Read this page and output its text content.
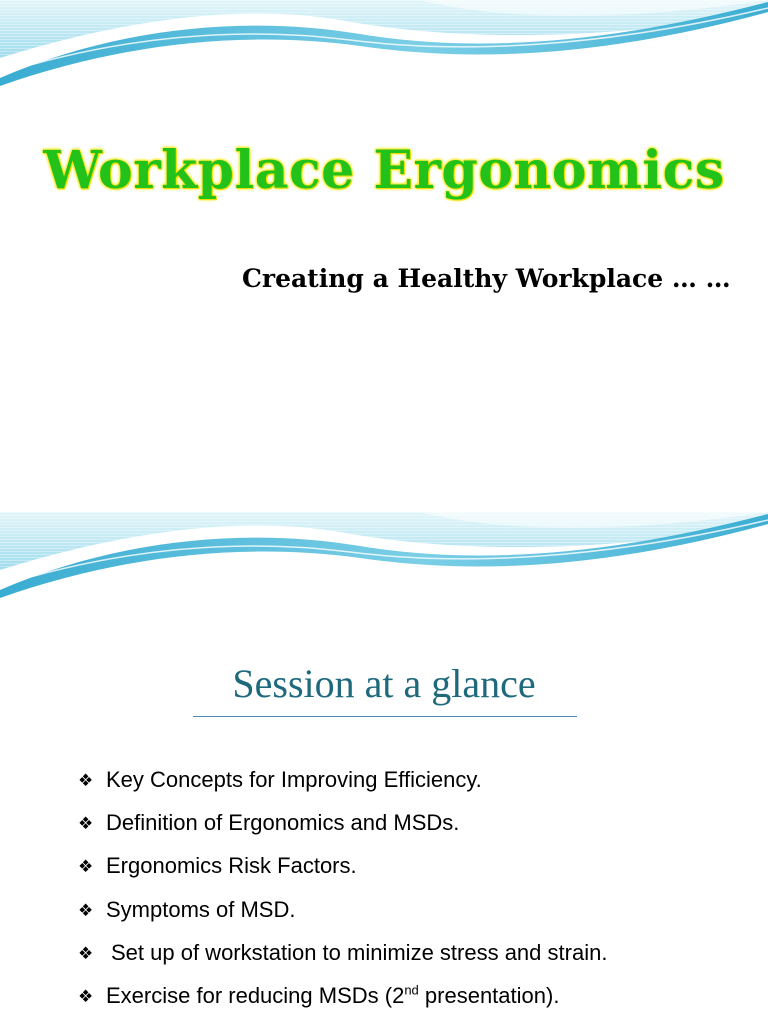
Workplace Ergonomics
Creating a Healthy Workplace … …
Session at a glance
❖ Key Concepts for Improving Efficiency.
❖ Definition of Ergonomics and MSDs.
❖ Ergonomics Risk Factors.
❖ Symptoms of MSD.
❖ Set up of workstation to minimize stress and strain.
❖ Exercise for reducing MSDs (2nd presentation).
